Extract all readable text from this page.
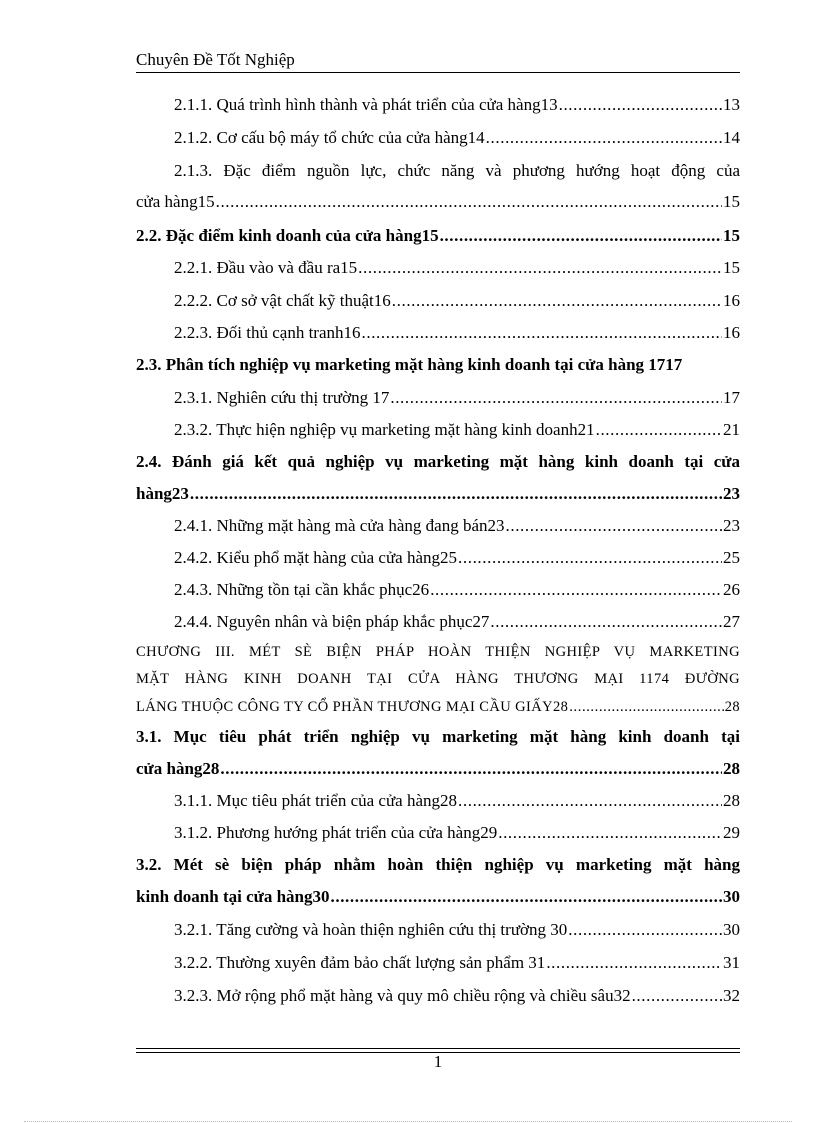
Chuyên Đề Tốt Nghiệp
2.1.1. Quá trình hình thành và phát triển của cửa hàng13 .....	13
2.1.2. Cơ cấu bộ máy tổ chức của cửa hàng14 .....	14
2.1.3. Đặc điểm nguồn lực, chức năng và phương hướng hoạt động của
cửa hàng15 .....	15
2.2. Đặc điểm kinh doanh của cửa hàng15 .....	15
2.2.1. Đầu vào và đầu ra15 .....	15
2.2.2. Cơ sở vật chất kỹ thuật16 .....	16
2.2.3. Đối thủ cạnh tranh16 .....	16
2.3. Phân tích nghiệp vụ marketing mặt hàng kinh doanh tại cửa hàng 1717
2.3.1. Nghiên cứu thị trường 17 .....	17
2.3.2. Thực hiện nghiệp vụ marketing mặt hàng kinh doanh21 .....	21
2.4. Đánh giá kết quả nghiệp vụ marketing mặt hàng kinh doanh tại cửa
hàng23 .....	23
2.4.1. Những mặt hàng mà cửa hàng đang bán23 .....	23
2.4.2. Kiểu phổ mặt hàng của cửa hàng25 .....	25
2.4.3. Những tồn tại cần khắc phục26 .....	26
2.4.4. Nguyên nhân và biện pháp khắc phục27 .....	27
CHƯƠNG III. MÉT SÈ BIỆN PHÁP HOÀN THIỆN NGHIỆP VỤ MARKETING
MẶT HÀNG KINH DOANH TẠI CỬA HÀNG THƯƠNG MẠI 1174 ĐƯỜNG
LÁNG THUỘC CÔNG TY CỔ PHẦN THƯƠNG MẠI CẦU GIẤY28 .....	28
3.1. Mục tiêu phát triển nghiệp vụ marketing mặt hàng kinh doanh tại
cửa hàng28 .....	28
3.1.1. Mục tiêu phát triển của cửa hàng28 .....	28
3.1.2. Phương hướng phát triển của cửa hàng29 .....	29
3.2. Mét sè biện pháp nhằm hoàn thiện nghiệp vụ marketing mặt hàng
kinh doanh tại cửa hàng30 .....	30
3.2.1. Tăng cường và hoàn thiện nghiên cứu thị trường 30 .....	30
3.2.2. Thường xuyên đảm bảo chất lượng sản phẩm 31 .....	31
3.2.3. Mở rộng phổ mặt hàng và quy mô chiều rộng và chiều sâu32 .....	32
1
